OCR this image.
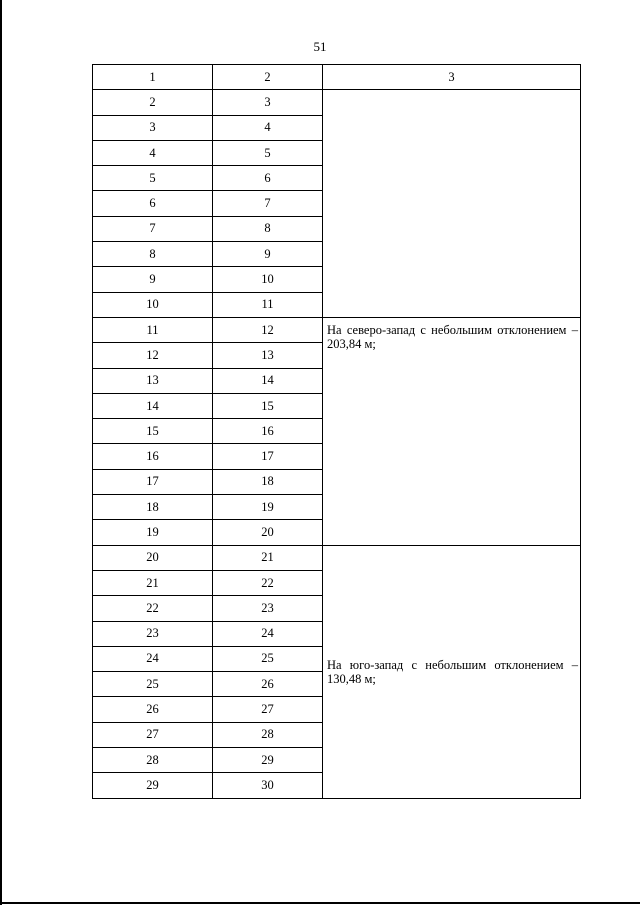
51
1	2	3
2	3	
3	4	
4	5	
5	6	
6	7	
7	8	
8	9	
9	10	
10	11	
11	12	На северо-запад с небольшим отклонением – 203,84 м;
12	13	
13	14	
14	15	
15	16	
16	17	
17	18	
18	19	
19	20	
20	21	На юго-запад с небольшим отклонением – 130,48 м;
21	22	
22	23	
23	24	
24	25	
25	26	
26	27	
27	28	
28	29	
29	30	
